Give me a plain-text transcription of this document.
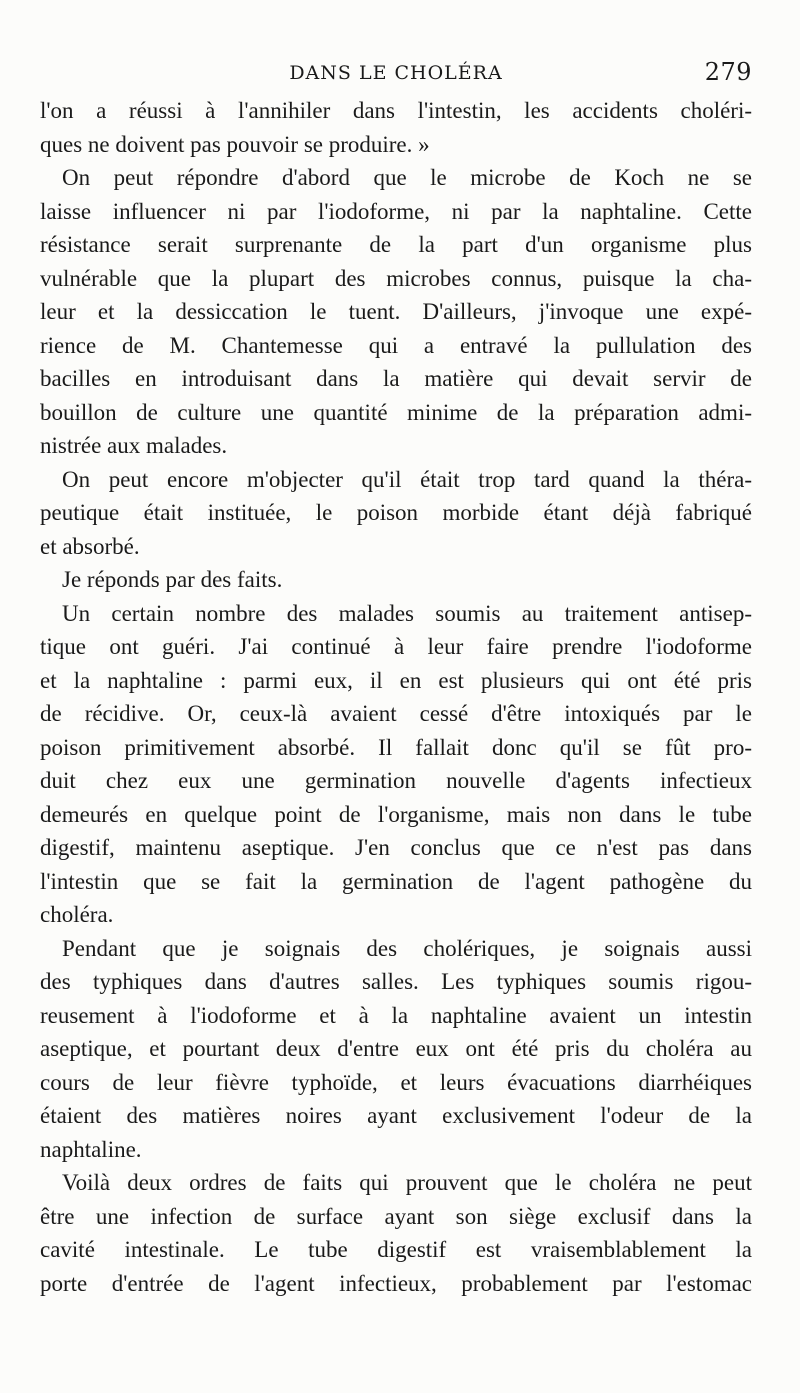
DANS LE CHOLÉRA	279
l'on a réussi à l'annihiler dans l'intestin, les accidents choléri-
ques ne doivent pas pouvoir se produire. »
On peut répondre d'abord que le microbe de Koch ne se
laisse influencer ni par l'iodoforme, ni par la naphtaline. Cette
résistance serait surprenante de la part d'un organisme plus
vulnérable que la plupart des microbes connus, puisque la cha-
leur et la dessiccation le tuent. D'ailleurs, j'invoque une expé-
rience de M. Chantemesse qui a entravé la pullulation des
bacilles en introduisant dans la matière qui devait servir de
bouillon de culture une quantité minime de la préparation admi-
nistrée aux malades.
On peut encore m'objecter qu'il était trop tard quand la théra-
peutique était instituée, le poison morbide étant déjà fabriqué
et absorbé.
Je réponds par des faits.
Un certain nombre des malades soumis au traitement antisep-
tique ont guéri. J'ai continué à leur faire prendre l'iodoforme
et la naphtaline : parmi eux, il en est plusieurs qui ont été pris
de récidive. Or, ceux-là avaient cessé d'être intoxiqués par le
poison primitivement absorbé. Il fallait donc qu'il se fût pro-
duit chez eux une germination nouvelle d'agents infectieux
demeurés en quelque point de l'organisme, mais non dans le tube
digestif, maintenu aseptique. J'en conclus que ce n'est pas dans
l'intestin que se fait la germination de l'agent pathogène du
choléra.
Pendant que je soignais des cholériques, je soignais aussi
des typhiques dans d'autres salles. Les typhiques soumis rigou-
reusement à l'iodoforme et à la naphtaline avaient un intestin
aseptique, et pourtant deux d'entre eux ont été pris du choléra au
cours de leur fièvre typhoïde, et leurs évacuations diarrhéiques
étaient des matières noires ayant exclusivement l'odeur de la
naphtaline.
Voilà deux ordres de faits qui prouvent que le choléra ne peut
être une infection de surface ayant son siège exclusif dans la
cavité intestinale. Le tube digestif est vraisemblablement la
porte d'entrée de l'agent infectieux, probablement par l'estomac
